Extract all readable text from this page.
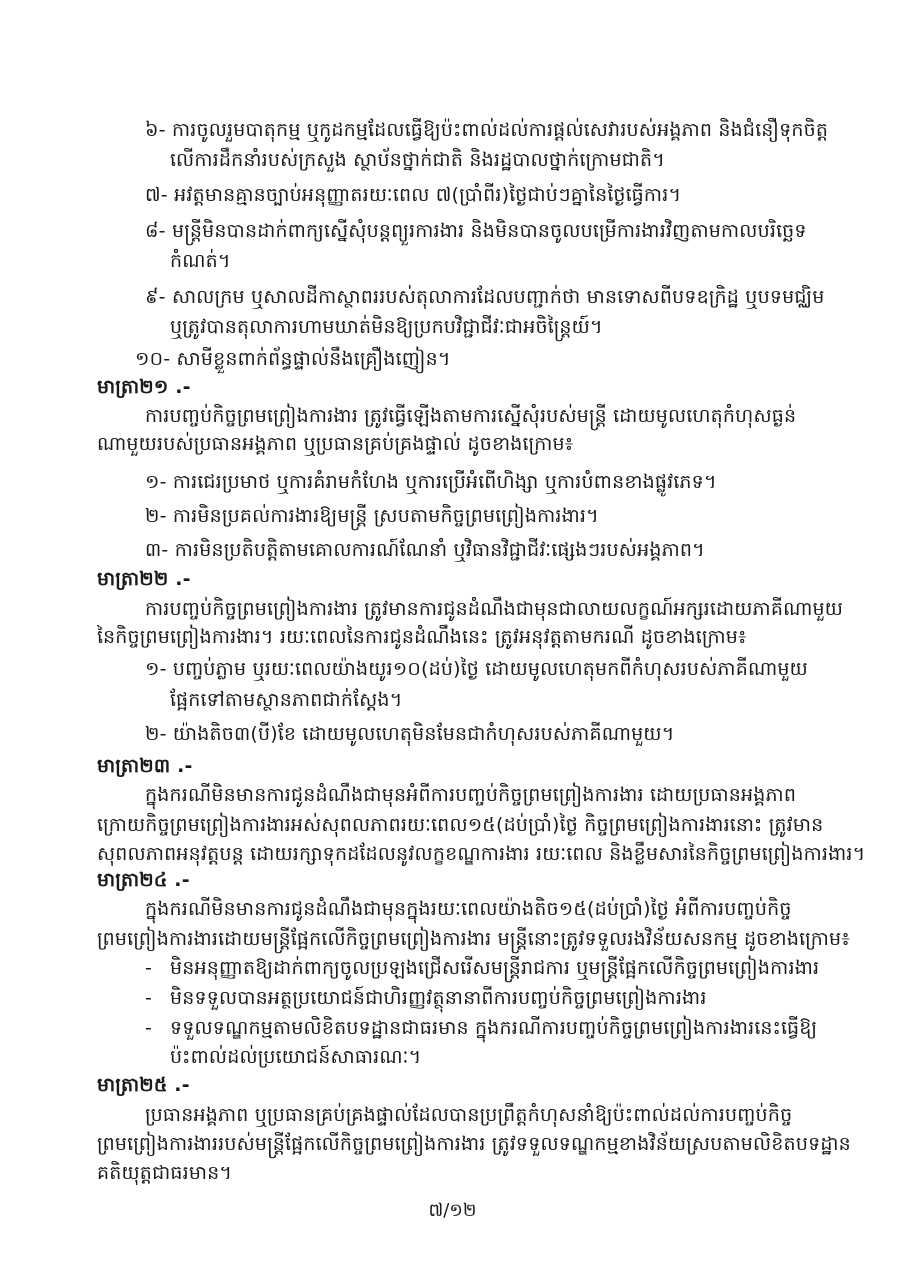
៦- ការចូលរួមបាតុកម្ម ឬកូដកម្មដែលធ្វើឱ្យប៉ះពាល់ដល់ការផ្តល់សេវារបស់អង្គភាព និងជំនឿទុកចិត្ត
លើការដឹកនាំរបស់ក្រសួង ស្ថាប័នថ្នាក់ជាតិ និងរដ្ឋបាលថ្នាក់ក្រោមជាតិ។
៧- អវត្តមានគ្មានច្បាប់អនុញ្ញាតរយៈពេល ៧(ប្រាំពីរ)ថ្ងៃជាប់ៗគ្នានៃថ្ងៃធ្វើការ។
៨- មន្ត្រីមិនបានដាក់ពាក្យស្នើសុំបន្តព្យួរការងារ និងមិនបានចូលបម្រើការងារវិញតាមកាលបរិច្ឆេទ
កំណត់។
៩- សាលក្រម ឬសាលដីកាស្ថាពររបស់តុលាការដែលបញ្ជាក់ថា មានទោសពីបទឧក្រិដ្ឋ ឬបទមជ្ឈិម
ឬត្រូវបានតុលាការហាមឃាត់មិនឱ្យប្រកបវិជ្ជាជីវៈជាអចិន្ត្រៃយ៍។
១០- សាមីខ្លួនពាក់ព័ន្ធផ្ទាល់នឹងគ្រឿងញៀន។
មាត្រា២១ .-
ការបញ្ចប់កិច្ចព្រមព្រៀងការងារ ត្រូវធ្វើឡើងតាមការស្នើសុំរបស់មន្ត្រី ដោយមូលហេតុកំហុសធ្ងន់
ណាមួយរបស់ប្រធានអង្គភាព ឬប្រធានគ្រប់គ្រងផ្ទាល់ ដូចខាងក្រោម៖
១- ការជេរប្រមាថ ឬការគំរាមកំហែង ឬការប្រើអំពើហិង្សា ឬការបំពានខាងផ្លូវភេទ។
២- ការមិនប្រគល់ការងារឱ្យមន្ត្រី ស្របតាមកិច្ចព្រមព្រៀងការងារ។
៣- ការមិនប្រតិបត្តិតាមគោលការណ៍ណែនាំ ឬវិធានវិជ្ជាជីវៈផ្សេងៗរបស់អង្គភាព។
មាត្រា២២ .-
ការបញ្ចប់កិច្ចព្រមព្រៀងការងារ ត្រូវមានការជូនដំណឹងជាមុនជាលាយលក្ខណ៍អក្សរដោយភាគីណាមួយ
នៃកិច្ចព្រមព្រៀងការងារ។ រយៈពេលនៃការជូនដំណឹងនេះ ត្រូវអនុវត្តតាមករណី ដូចខាងក្រោម៖
១- បញ្ចប់ភ្លាម ឬរយៈពេលយ៉ាងយូរ១០(ដប់)ថ្ងៃ ដោយមូលហេតុមកពីកំហុសរបស់ភាគីណាមួយ
ផ្អែកទៅតាមស្ថានភាពជាក់ស្តែង។
២- យ៉ាងតិច៣(បី)ខែ ដោយមូលហេតុមិនមែនជាកំហុសរបស់ភាគីណាមួយ។
មាត្រា២៣ .-
ក្នុងករណីមិនមានការជូនដំណឹងជាមុនអំពីការបញ្ចប់កិច្ចព្រមព្រៀងការងារ ដោយប្រធានអង្គភាព
ក្រោយកិច្ចព្រមព្រៀងការងារអស់សុពលភាពរយៈពេល១៥(ដប់ប្រាំ)ថ្ងៃ កិច្ចព្រមព្រៀងការងារនោះ ត្រូវមាន
សុពលភាពអនុវត្តបន្ត ដោយរក្សាទុកដដែលនូវលក្ខខណ្ឌការងារ រយៈពេល និងខ្លឹមសារនៃកិច្ចព្រមព្រៀងការងារ។
មាត្រា២៤ .-
ក្នុងករណីមិនមានការជូនដំណឹងជាមុនក្នុងរយៈពេលយ៉ាងតិច១៥(ដប់ប្រាំ)ថ្ងៃ អំពីការបញ្ចប់កិច្ច
ព្រមព្រៀងការងារដោយមន្ត្រីផ្អែកលើកិច្ចព្រមព្រៀងការងារ មន្ត្រីនោះត្រូវទទួលរងវិន័យសនកម្ម ដូចខាងក្រោម៖
- មិនអនុញ្ញាតឱ្យដាក់ពាក្យចូលប្រឡងជ្រើសរើសមន្ត្រីរាជការ ឬមន្ត្រីផ្អែកលើកិច្ចព្រមព្រៀងការងារ
- មិនទទួលបានអត្ថប្រយោជន៍ជាហិរញ្ញវត្ថុនានាពីការបញ្ចប់កិច្ចព្រមព្រៀងការងារ
- ទទួលទណ្ឌកម្មតាមលិខិតបទដ្ឋានជាធរមាន ក្នុងករណីការបញ្ចប់កិច្ចព្រមព្រៀងការងារនេះធ្វើឱ្យ
ប៉ះពាល់ដល់ប្រយោជន៍សាធារណៈ។
មាត្រា២៥ .-
ប្រធានអង្គភាព ឬប្រធានគ្រប់គ្រងផ្ទាល់ដែលបានប្រព្រឹត្តកំហុសនាំឱ្យប៉ះពាល់ដល់ការបញ្ចប់កិច្ច
ព្រមព្រៀងការងាររបស់មន្ត្រីផ្អែកលើកិច្ចព្រមព្រៀងការងារ ត្រូវទទួលទណ្ឌកម្មខាងវិន័យស្របតាមលិខិតបទដ្ឋាន
គតិយុត្តជាធរមាន។
៧/១២
